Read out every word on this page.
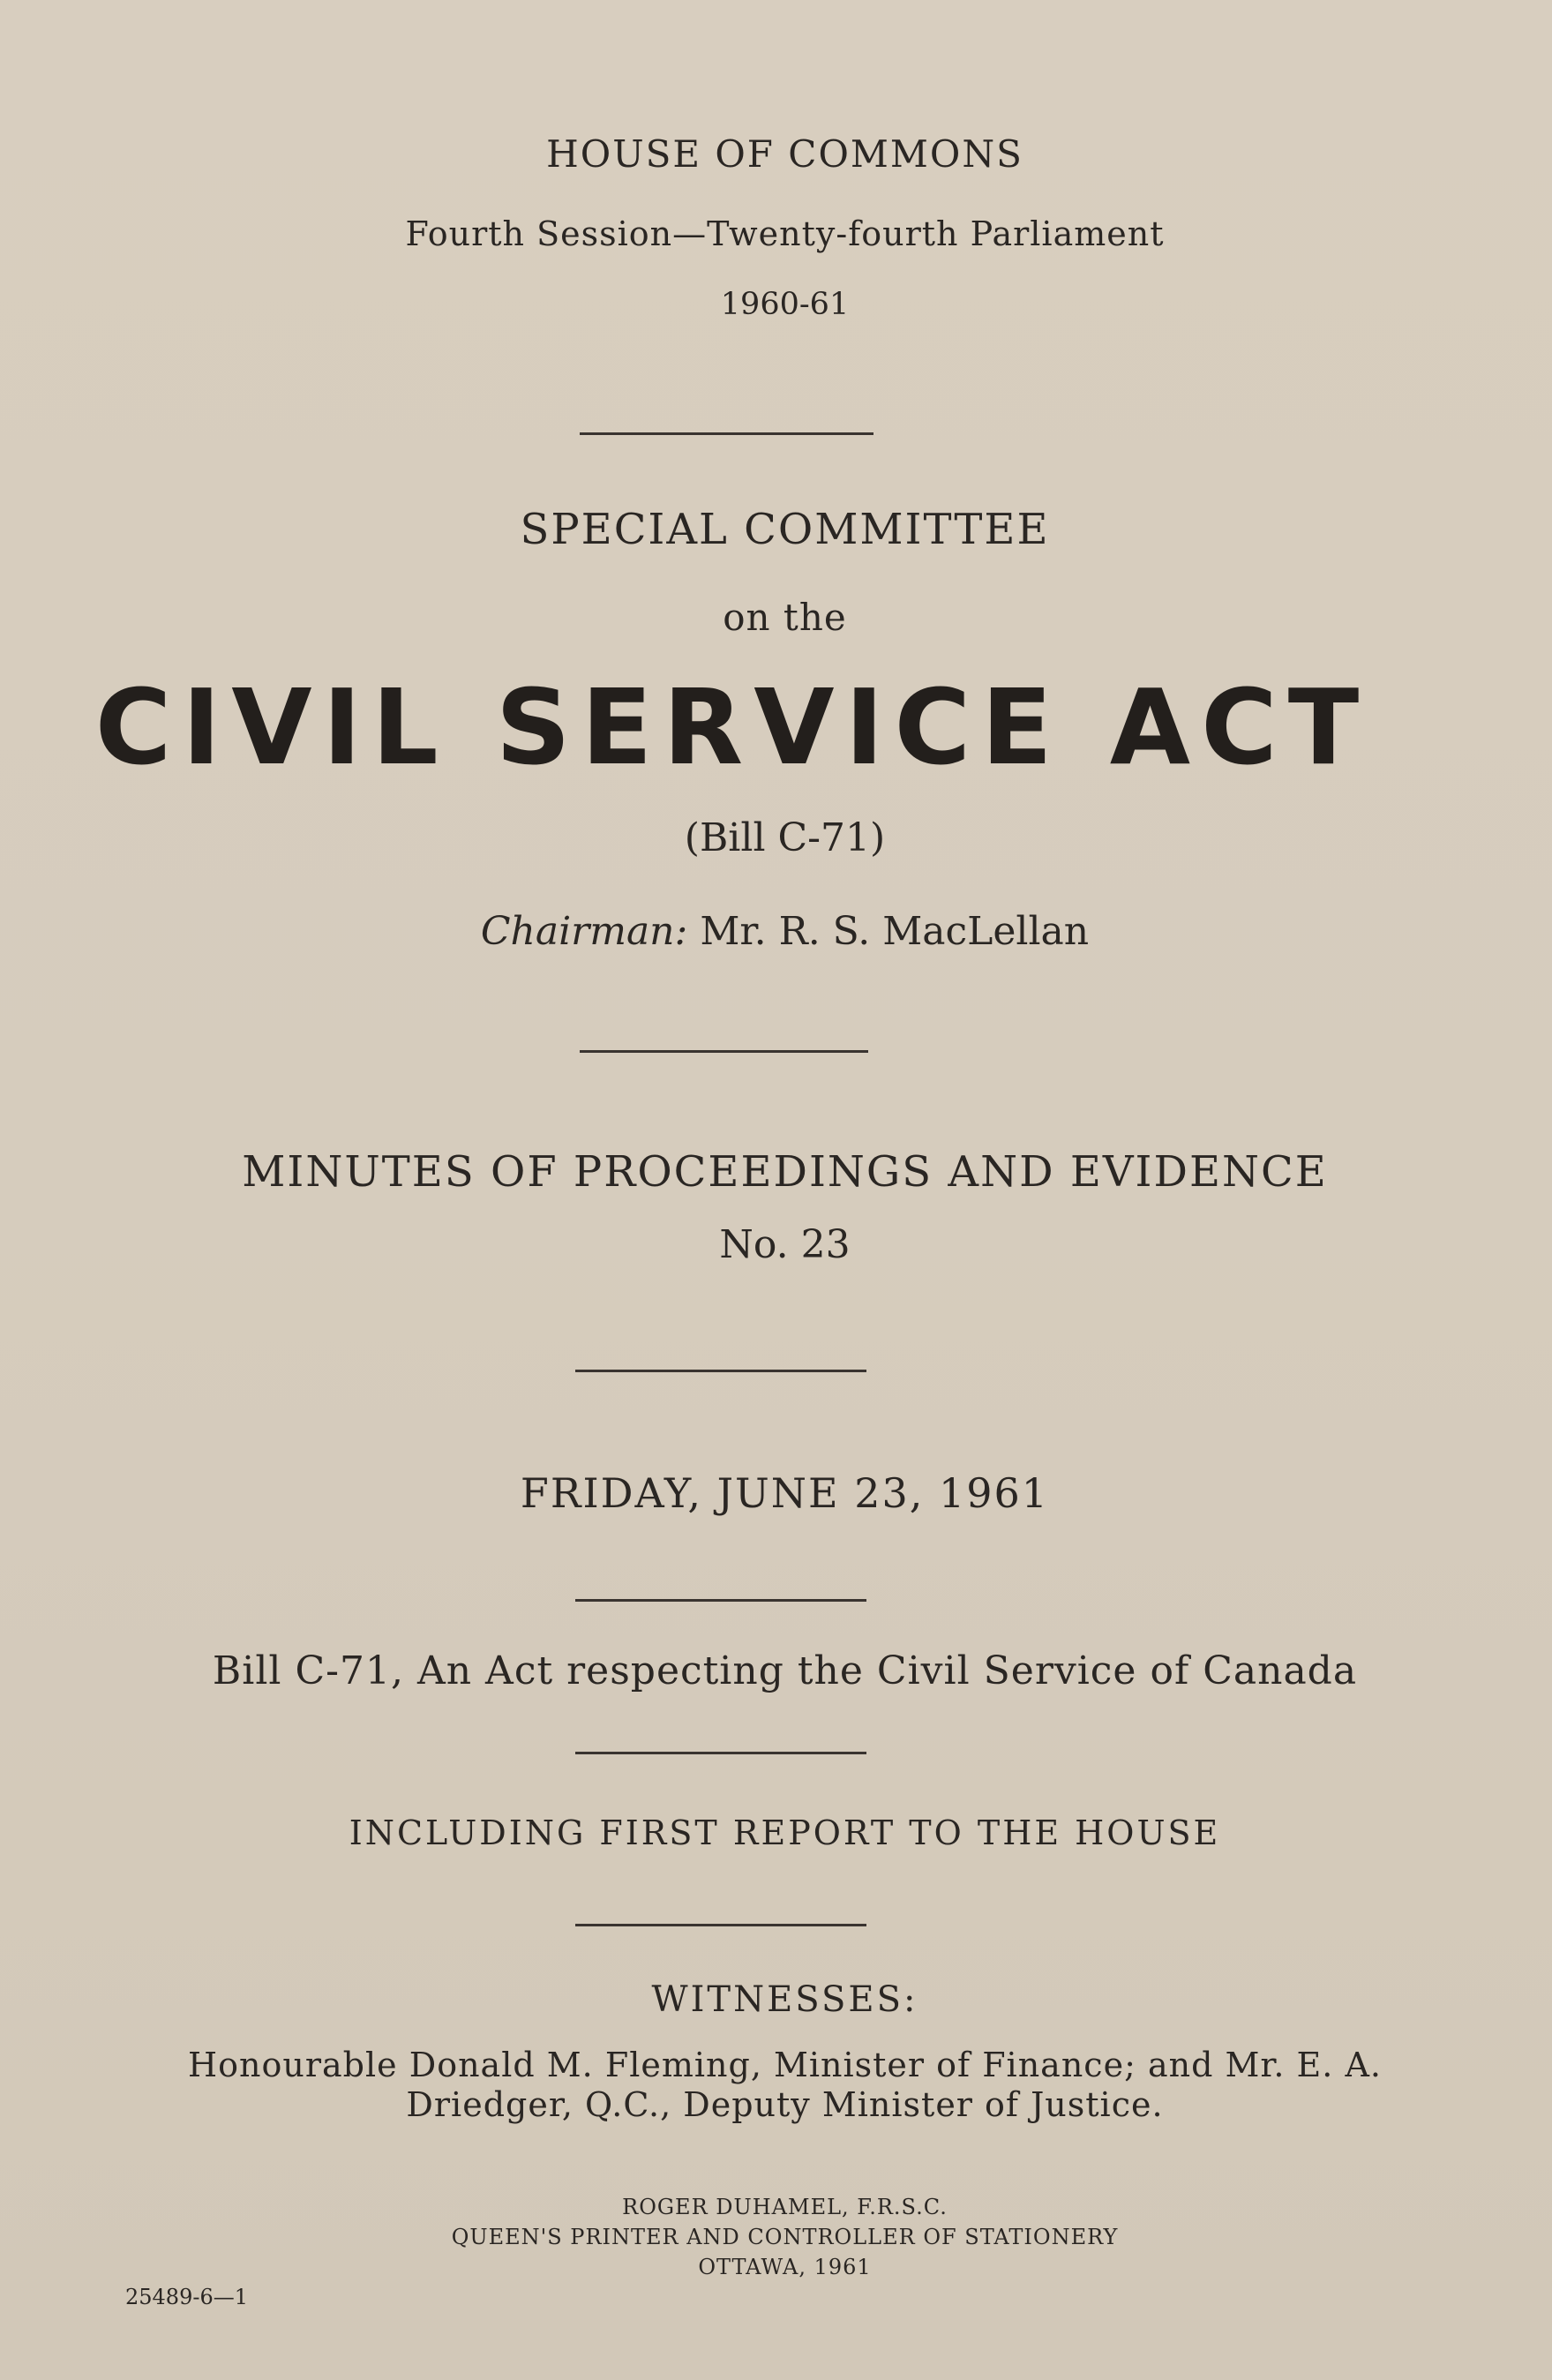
HOUSE OF COMMONS
Fourth Session—Twenty-fourth Parliament
1960-61
SPECIAL COMMITTEE
on the
CIVIL SERVICE ACT
(Bill C-71)
Chairman: Mr. R. S. MacLellan
MINUTES OF PROCEEDINGS AND EVIDENCE
No. 23
FRIDAY, JUNE 23, 1961
Bill C-71, An Act respecting the Civil Service of Canada
INCLUDING FIRST REPORT TO THE HOUSE
WITNESSES:
Honourable Donald M. Fleming, Minister of Finance; and Mr. E. A.
Driedger, Q.C., Deputy Minister of Justice.
ROGER DUHAMEL, F.R.S.C.
QUEEN'S PRINTER AND CONTROLLER OF STATIONERY
OTTAWA, 1961
25489-6—1
